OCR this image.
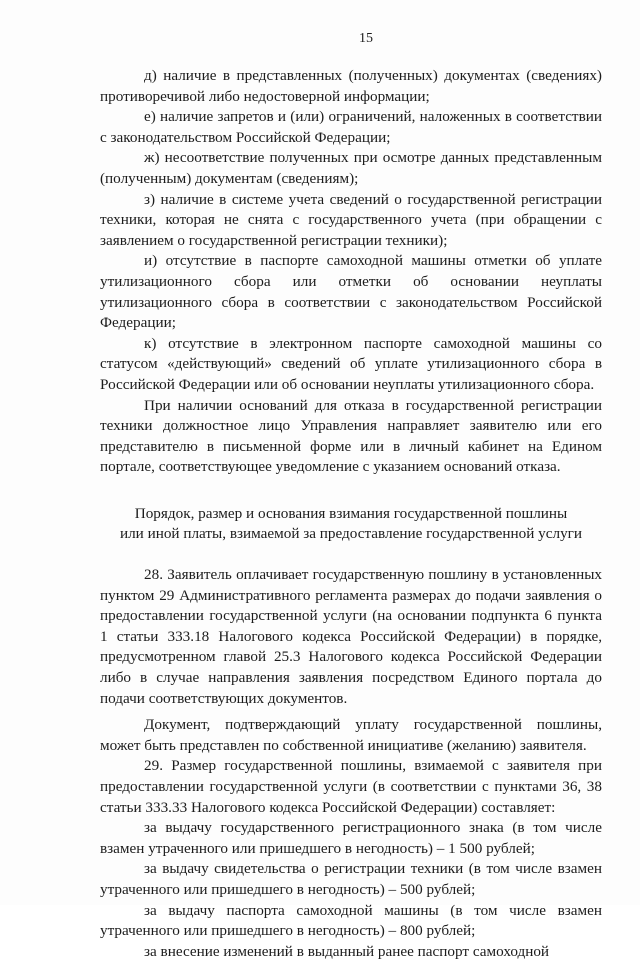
15

д) наличие в представленных (полученных) документах (сведениях) противоречивой либо недостоверной информации;

е) наличие запретов и (или) ограничений, наложенных в соответствии с законодательством Российской Федерации;

ж) несоответствие полученных при осмотре данных представленным (полученным) документам (сведениям);

з) наличие в системе учета сведений о государственной регистрации техники, которая не снята с государственного учета (при обращении с заявлением о государственной регистрации техники);

и) отсутствие в паспорте самоходной машины отметки об уплате утилизационного сбора или отметки об основании неуплаты утилизационного сбора в соответствии с законодательством Российской Федерации;

к) отсутствие в электронном паспорте самоходной машины со статусом «действующий» сведений об уплате утилизационного сбора в Российской Федерации или об основании неуплаты утилизационного сбора.

При наличии оснований для отказа в государственной регистрации техники должностное лицо Управления направляет заявителю или его представителю в письменной форме или в личный кабинет на Едином портале, соответствующее уведомление с указанием оснований отказа.

Порядок, размер и основания взимания государственной пошлины
или иной платы, взимаемой за предоставление государственной услуги

28. Заявитель оплачивает государственную пошлину в установленных пунктом 29 Административного регламента размерах до подачи заявления о предоставлении государственной услуги (на основании подпункта 6 пункта 1 статьи 333.18 Налогового кодекса Российской Федерации) в порядке, предусмотренном главой 25.3 Налогового кодекса Российской Федерации либо в случае направления заявления посредством Единого портала до подачи соответствующих документов.

Документ, подтверждающий уплату государственной пошлины, может быть представлен по собственной инициативе (желанию) заявителя.

29. Размер государственной пошлины, взимаемой с заявителя при предоставлении государственной услуги (в соответствии с пунктами 36, 38 статьи 333.33 Налогового кодекса Российской Федерации) составляет:

за выдачу государственного регистрационного знака (в том числе взамен утраченного или пришедшего в негодность) – 1 500 рублей;

за выдачу свидетельства о регистрации техники (в том числе взамен утраченного или пришедшего в негодность) – 500 рублей;

за выдачу паспорта самоходной машины (в том числе взамен утраченного или пришедшего в негодность) – 800 рублей;

за внесение изменений в выданный ранее паспорт самоходной
